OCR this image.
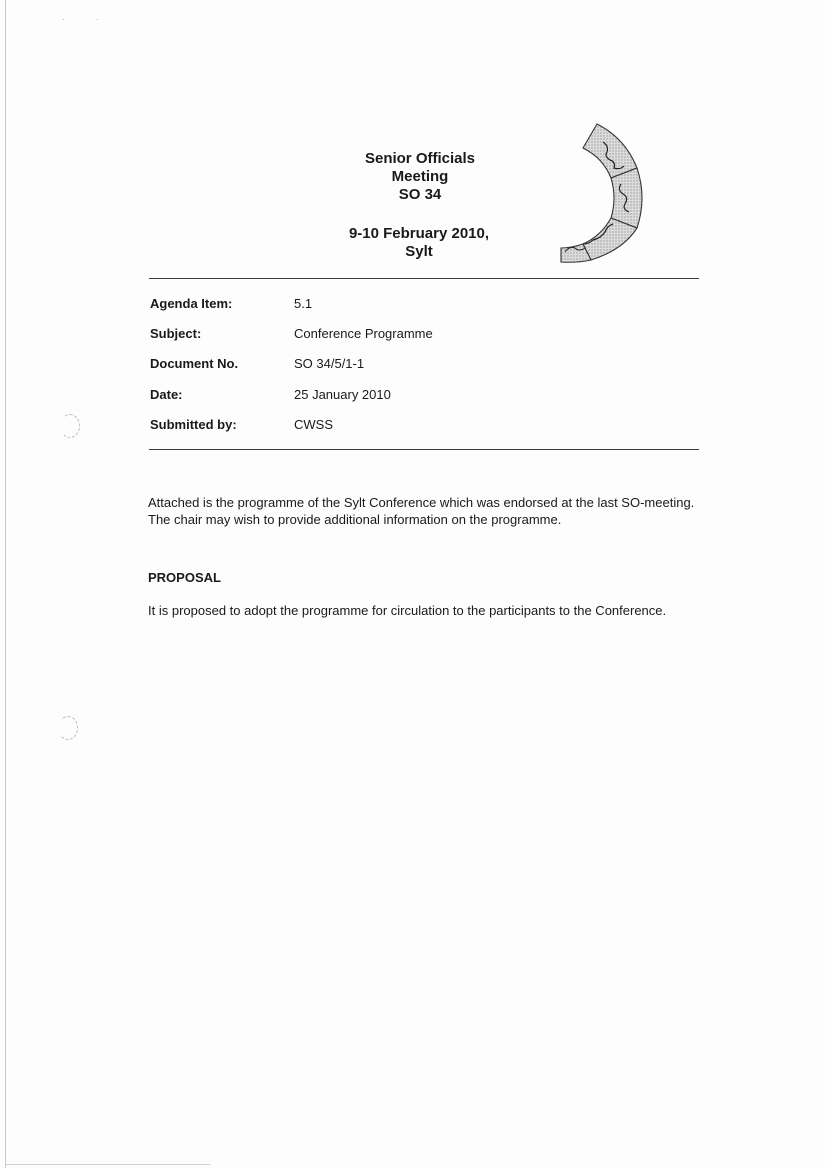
· ·
Senior Officials
Meeting
SO 34
9-10 February 2010,
Sylt
Agenda Item:	5.1
Subject:	Conference Programme
Document No.	SO 34/5/1-1
Date:	25 January 2010
Submitted by:	CWSS
Attached is the programme of the Sylt Conference which was endorsed at the last SO-meeting. The chair may wish to provide additional information on the programme.
PROPOSAL
It is proposed to adopt the programme for circulation to the participants to the Conference.
